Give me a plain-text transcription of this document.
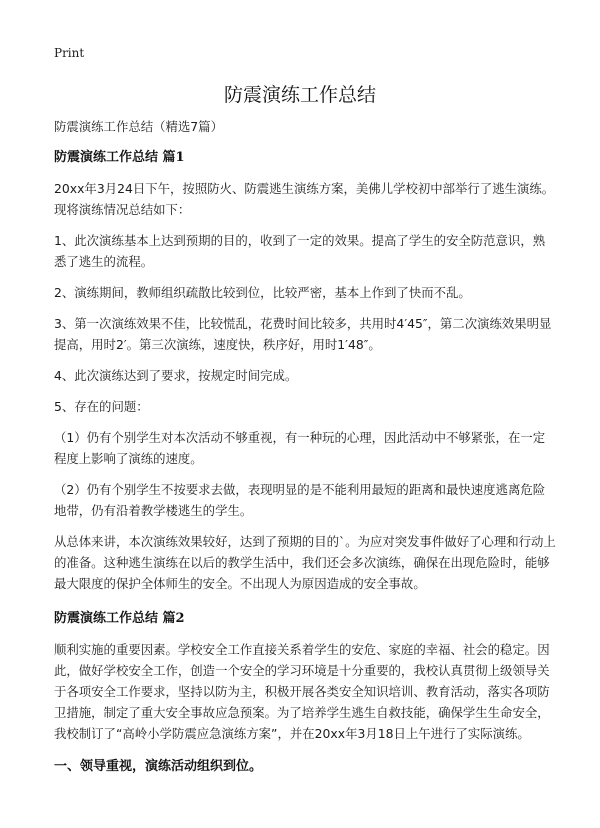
Print
防震演练工作总结

防震演练工作总结（精选7篇）

防震演练工作总结 篇1

20xx年3月24日下午，按照防火、防震逃生演练方案，美佛儿学校初中部举行了逃生演练。现将演练情况总结如下：

1、此次演练基本上达到预期的目的，收到了一定的效果。提高了学生的安全防范意识，熟悉了逃生的流程。

2、演练期间，教师组织疏散比较到位，比较严密，基本上作到了快而不乱。

3、第一次演练效果不佳，比较慌乱，花费时间比较多，共用时4′45″，第二次演练效果明显提高，用时2′。第三次演练，速度快，秩序好，用时1′48″。

4、此次演练达到了要求，按规定时间完成。

5、存在的问题：

（1）仍有个别学生对本次活动不够重视，有一种玩的心理，因此活动中不够紧张，在一定程度上影响了演练的速度。

（2）仍有个别学生不按要求去做，表现明显的是不能利用最短的距离和最快速度逃离危险地带，仍有沿着教学楼逃生的学生。

从总体来讲，本次演练效果较好，达到了预期的目的`。为应对突发事件做好了心理和行动上的准备。这种逃生演练在以后的教学生活中，我们还会多次演练，确保在出现危险时，能够最大限度的保护全体师生的安全。不出现人为原因造成的安全事故。

防震演练工作总结 篇2

顺利实施的重要因素。学校安全工作直接关系着学生的安危、家庭的幸福、社会的稳定。因此，做好学校安全工作，创造一个安全的学习环境是十分重要的，我校认真贯彻上级领导关于各项安全工作要求，坚持以防为主，积极开展各类安全知识培训、教育活动，落实各项防卫措施，制定了重大安全事故应急预案。为了培养学生逃生自救技能，确保学生生命安全，我校制订了“高岭小学防震应急演练方案”，并在20xx年3月18日上午进行了实际演练。

一、领导重视，演练活动组织到位。
